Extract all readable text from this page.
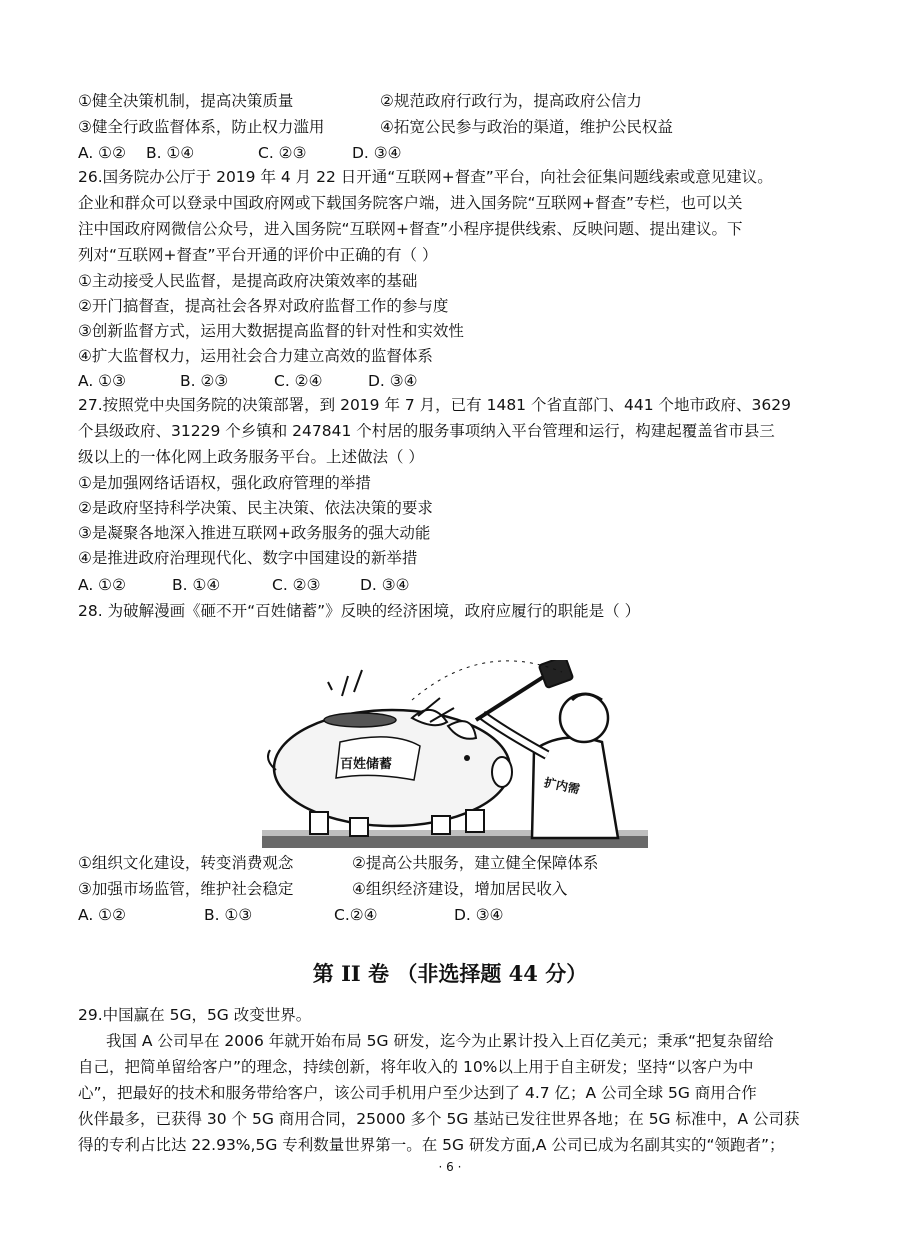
①健全决策机制，提高决策质量	②规范政府行政行为，提高政府公信力
③健全行政监督体系，防止权力滥用	④拓宽公民参与政治的渠道，维护公民权益
A. ①② B. ①④	C. ②③	D. ③④
26.国务院办公厅于 2019 年 4 月 22 日开通“互联网+督查”平台，向社会征集问题线索或意见建议。
企业和群众可以登录中国政府网或下载国务院客户端，进入国务院“互联网+督查”专栏，也可以关
注中国政府网微信公众号，进入国务院“互联网+督查”小程序提供线索、反映问题、提出建议。下
列对“互联网+督查”平台开通的评价中正确的有（ ）
①主动接受人民监督，是提高政府决策效率的基础
②开门搞督查，提高社会各界对政府监督工作的参与度
③创新监督方式，运用大数据提高监督的针对性和实效性
④扩大监督权力，运用社会合力建立高效的监督体系
A. ①③	B. ②③	C. ②④	D. ③④
27.按照党中央国务院的决策部署，到 2019 年 7 月，已有 1481 个省直部门、441 个地市政府、3629
个县级政府、31229 个乡镇和 247841 个村居的服务事项纳入平台管理和运行，构建起覆盖省市县三
级以上的一体化网上政务服务平台。上述做法（ ）
①是加强网络话语权，强化政府管理的举措
②是政府坚持科学决策、民主决策、依法决策的要求
③是凝聚各地深入推进互联网+政务服务的强大动能
④是推进政府治理现代化、数字中国建设的新举措
A. ①②	B. ①④	C. ②③	D. ③④
28. 为破解漫画《砸不开“百姓储蓄”》反映的经济困境，政府应履行的职能是（ ）
百姓储蓄
扩内需
①组织文化建设，转变消费观念	②提高公共服务，建立健全保障体系
③加强市场监管，维护社会稳定	④组织经济建设，增加居民收入
A. ①②	B. ①③	C.②④	D. ③④
第 II 卷 （非选择题 44 分）
29.中国赢在 5G，5G 改变世界。
我国 A 公司早在 2006 年就开始布局 5G 研发，迄今为止累计投入上百亿美元；秉承“把复杂留给
自己，把简单留给客户”的理念，持续创新，将年收入的 10%以上用于自主研发；坚持“以客户为中
心”，把最好的技术和服务带给客户，该公司手机用户至少达到了 4.7 亿；A 公司全球 5G 商用合作
伙伴最多，已获得 30 个 5G 商用合同，25000 多个 5G 基站已发往世界各地；在 5G 标准中，A 公司获
得的专利占比达 22.93%,5G 专利数量世界第一。在 5G 研发方面,A 公司已成为名副其实的“领跑者”；
· 6 ·
